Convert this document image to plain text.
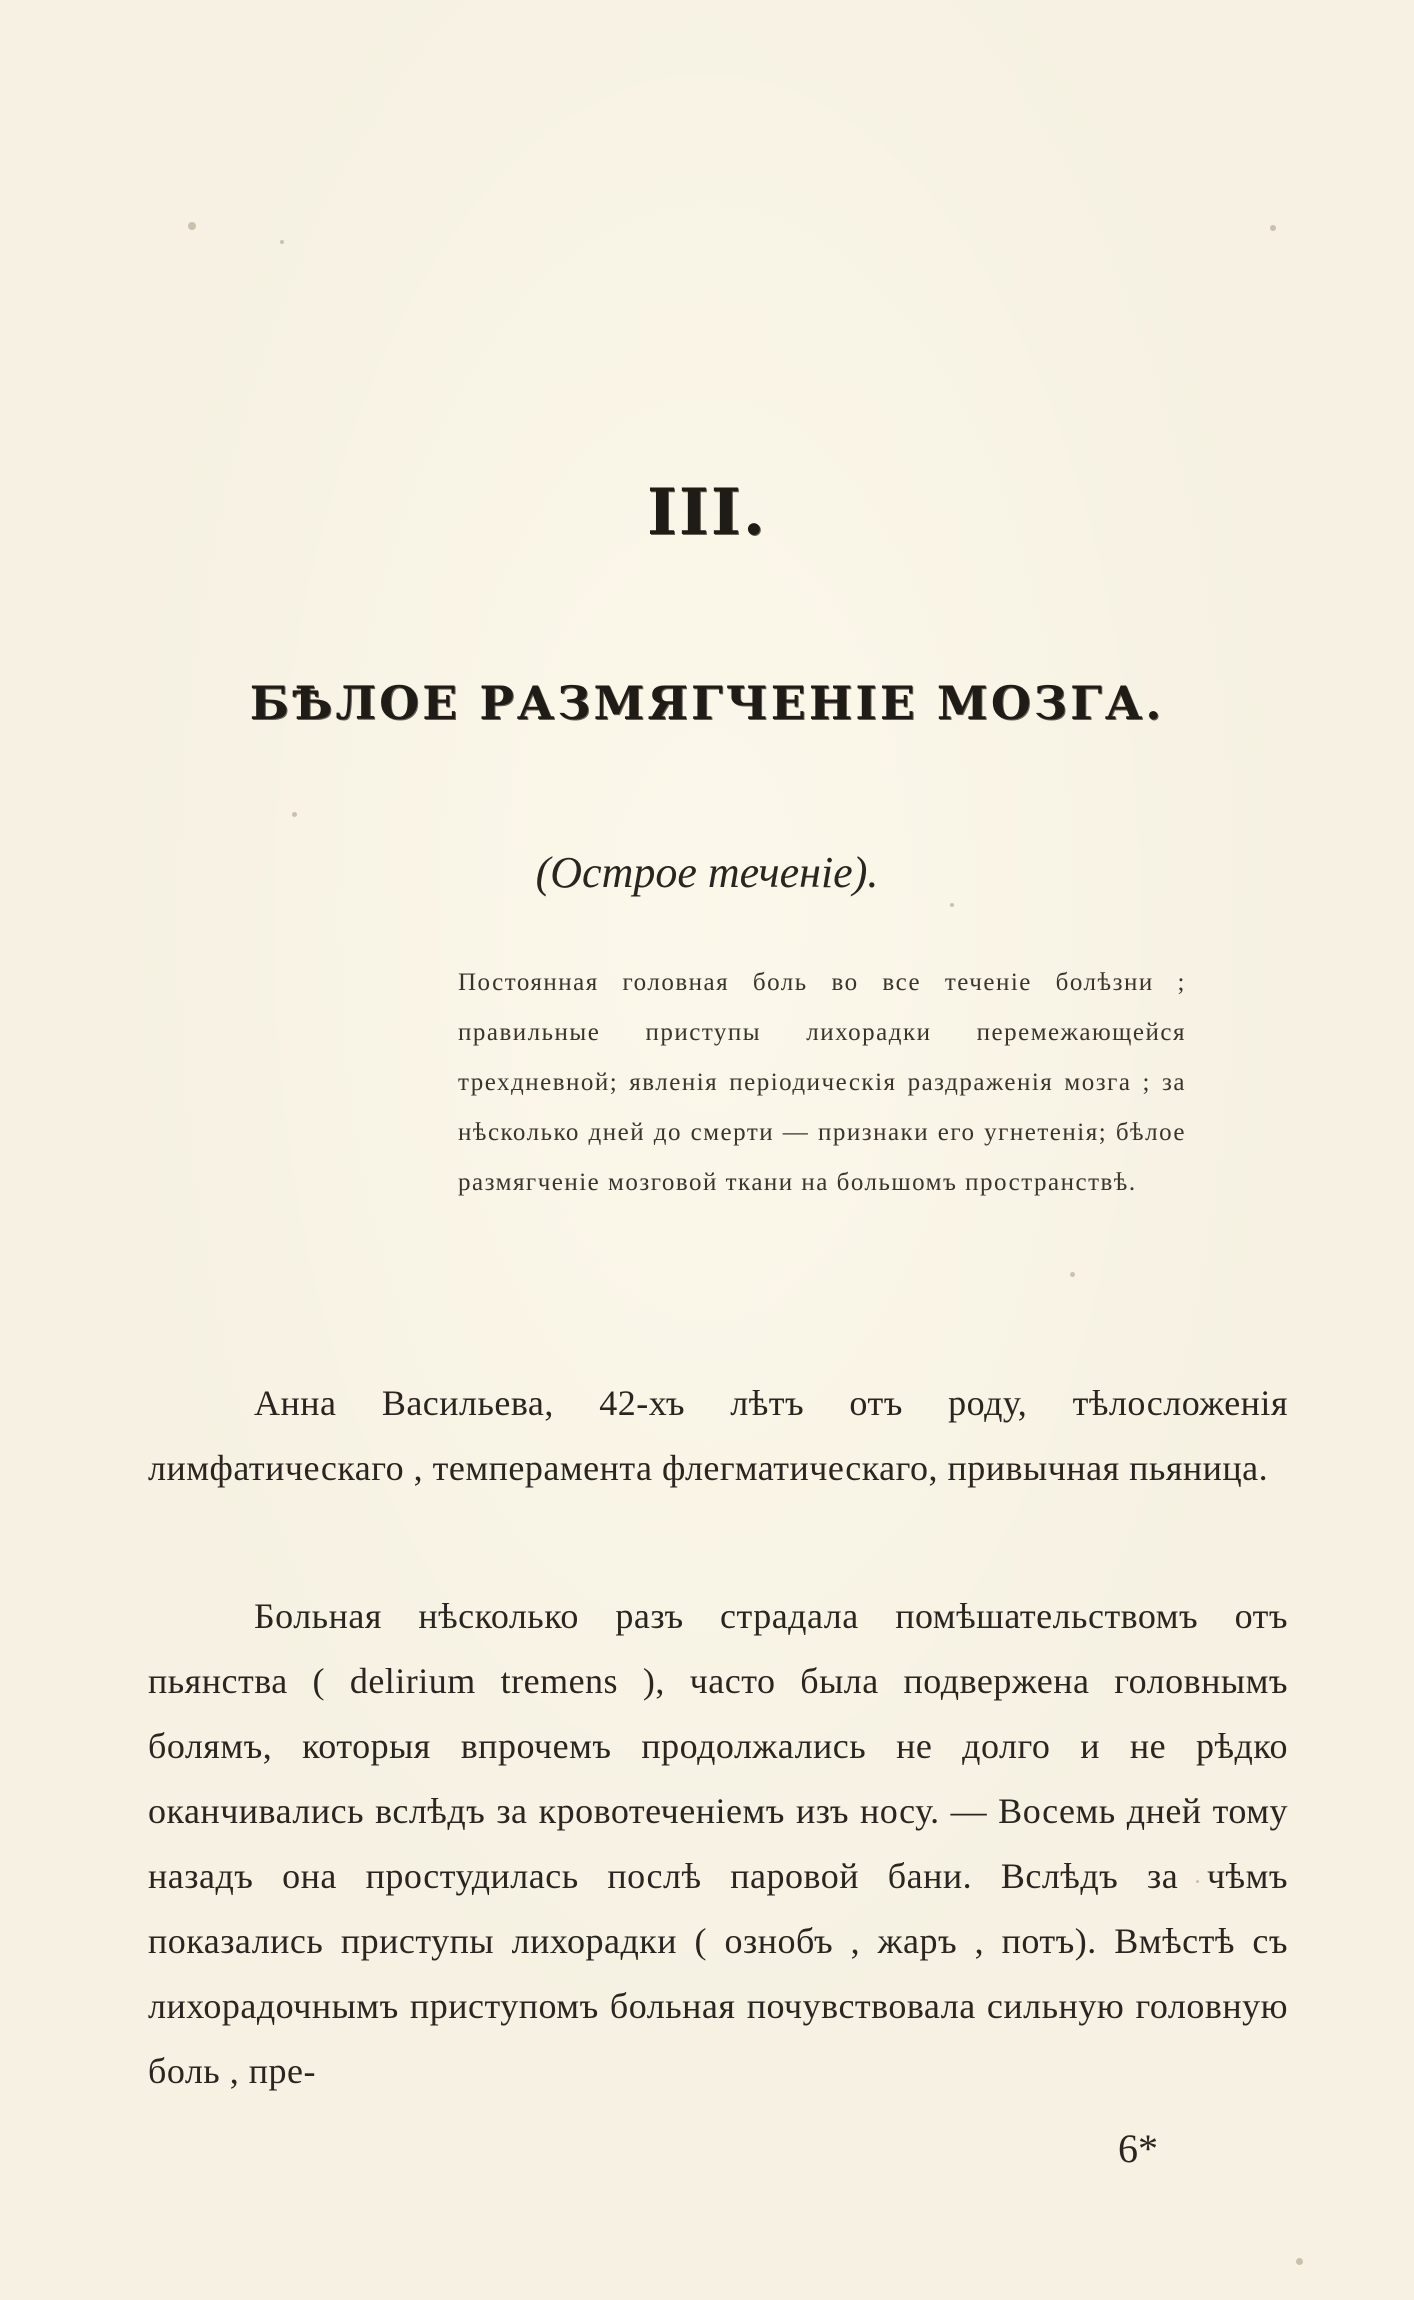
III.
БѢЛОЕ РАЗМЯГЧЕНІЕ МОЗГА.
(Острое теченіе).
Постоянная головная боль во все теченіе болѣзни ; правильные приступы лихорадки перемежающейся трехдневной; явленія періодическія раздраженія мозга ; за нѣсколько дней до смерти — признаки его угнетенія; бѣлое размягченіе мозговой ткани на большомъ пространствѣ.

Анна Васильева, 42-хъ лѣтъ отъ роду, тѣлосложенія лимфатическаго , темперамента флегматическаго, привычная пьяница.

Больная нѣсколько разъ страдала помѣшательствомъ отъ пьянства ( delirium tremens ), часто была подвержена головнымъ болямъ, которыя впрочемъ продолжались не долго и не рѣдко оканчивались вслѣдъ за кровотеченіемъ изъ носу. — Восемь дней тому назадъ она простудилась послѣ паровой бани. Вслѣдъ за чѣмъ показались приступы лихорадки ( ознобъ , жаръ , потъ). Вмѣстѣ съ лихорадочнымъ приступомъ больная почувствовала сильную головную боль , пре-

6*
